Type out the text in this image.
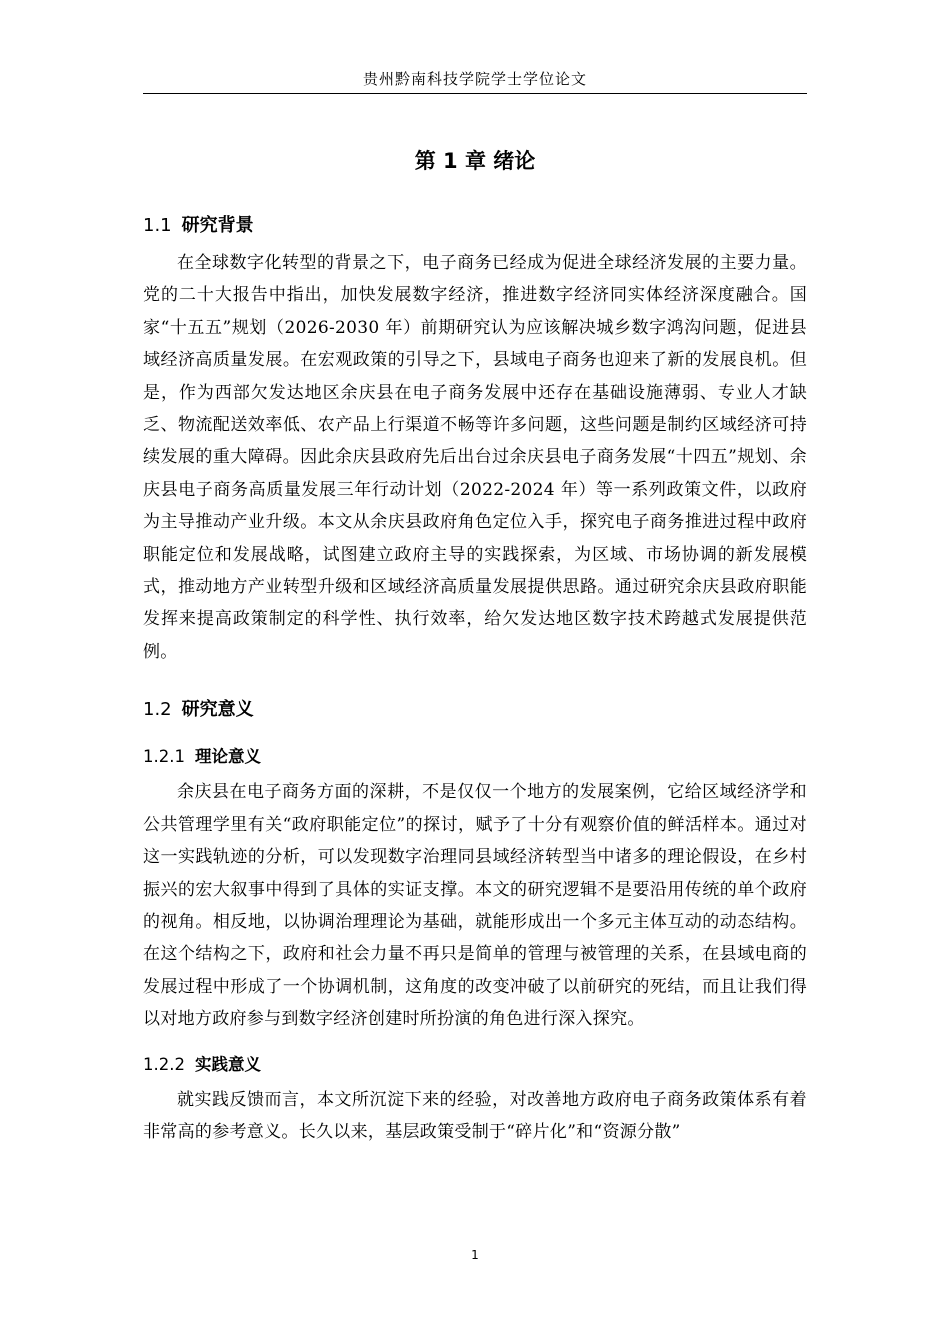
贵州黔南科技学院学士学位论文
第 1 章 绪论
1.1 研究背景

在全球数字化转型的背景之下，电子商务已经成为促进全球经济发展的主要力量。党的二十大报告中指出，加快发展数字经济，推进数字经济同实体经济深度融合。国家“十五五”规划（2026-2030 年）前期研究认为应该解决城乡数字鸿沟问题，促进县域经济高质量发展。在宏观政策的引导之下，县域电子商务也迎来了新的发展良机。但是，作为西部欠发达地区余庆县在电子商务发展中还存在基础设施薄弱、专业人才缺乏、物流配送效率低、农产品上行渠道不畅等许多问题，这些问题是制约区域经济可持续发展的重大障碍。因此余庆县政府先后出台过余庆县电子商务发展“十四五”规划、余庆县电子商务高质量发展三年行动计划（2022-2024 年）等一系列政策文件，以政府为主导推动产业升级。本文从余庆县政府角色定位入手，探究电子商务推进过程中政府职能定位和发展战略，试图建立政府主导的实践探索，为区域、市场协调的新发展模式，推动地方产业转型升级和区域经济高质量发展提供思路。通过研究余庆县政府职能发挥来提高政策制定的科学性、执行效率，给欠发达地区数字技术跨越式发展提供范例。

1.2 研究意义
1.2.1 理论意义

余庆县在电子商务方面的深耕，不是仅仅一个地方的发展案例，它给区域经济学和公共管理学里有关“政府职能定位”的探讨，赋予了十分有观察价值的鲜活样本。通过对这一实践轨迹的分析，可以发现数字治理同县域经济转型当中诸多的理论假设，在乡村振兴的宏大叙事中得到了具体的实证支撑。本文的研究逻辑不是要沿用传统的单个政府的视角。相反地，以协调治理理论为基础，就能形成出一个多元主体互动的动态结构。在这个结构之下，政府和社会力量不再只是简单的管理与被管理的关系，在县域电商的发展过程中形成了一个协调机制，这角度的改变冲破了以前研究的死结，而且让我们得以对地方政府参与到数字经济创建时所扮演的角色进行深入探究。

1.2.2 实践意义

就实践反馈而言，本文所沉淀下来的经验，对改善地方政府电子商务政策体系有着非常高的参考意义。长久以来，基层政策受制于“碎片化”和“资源分散”

1
